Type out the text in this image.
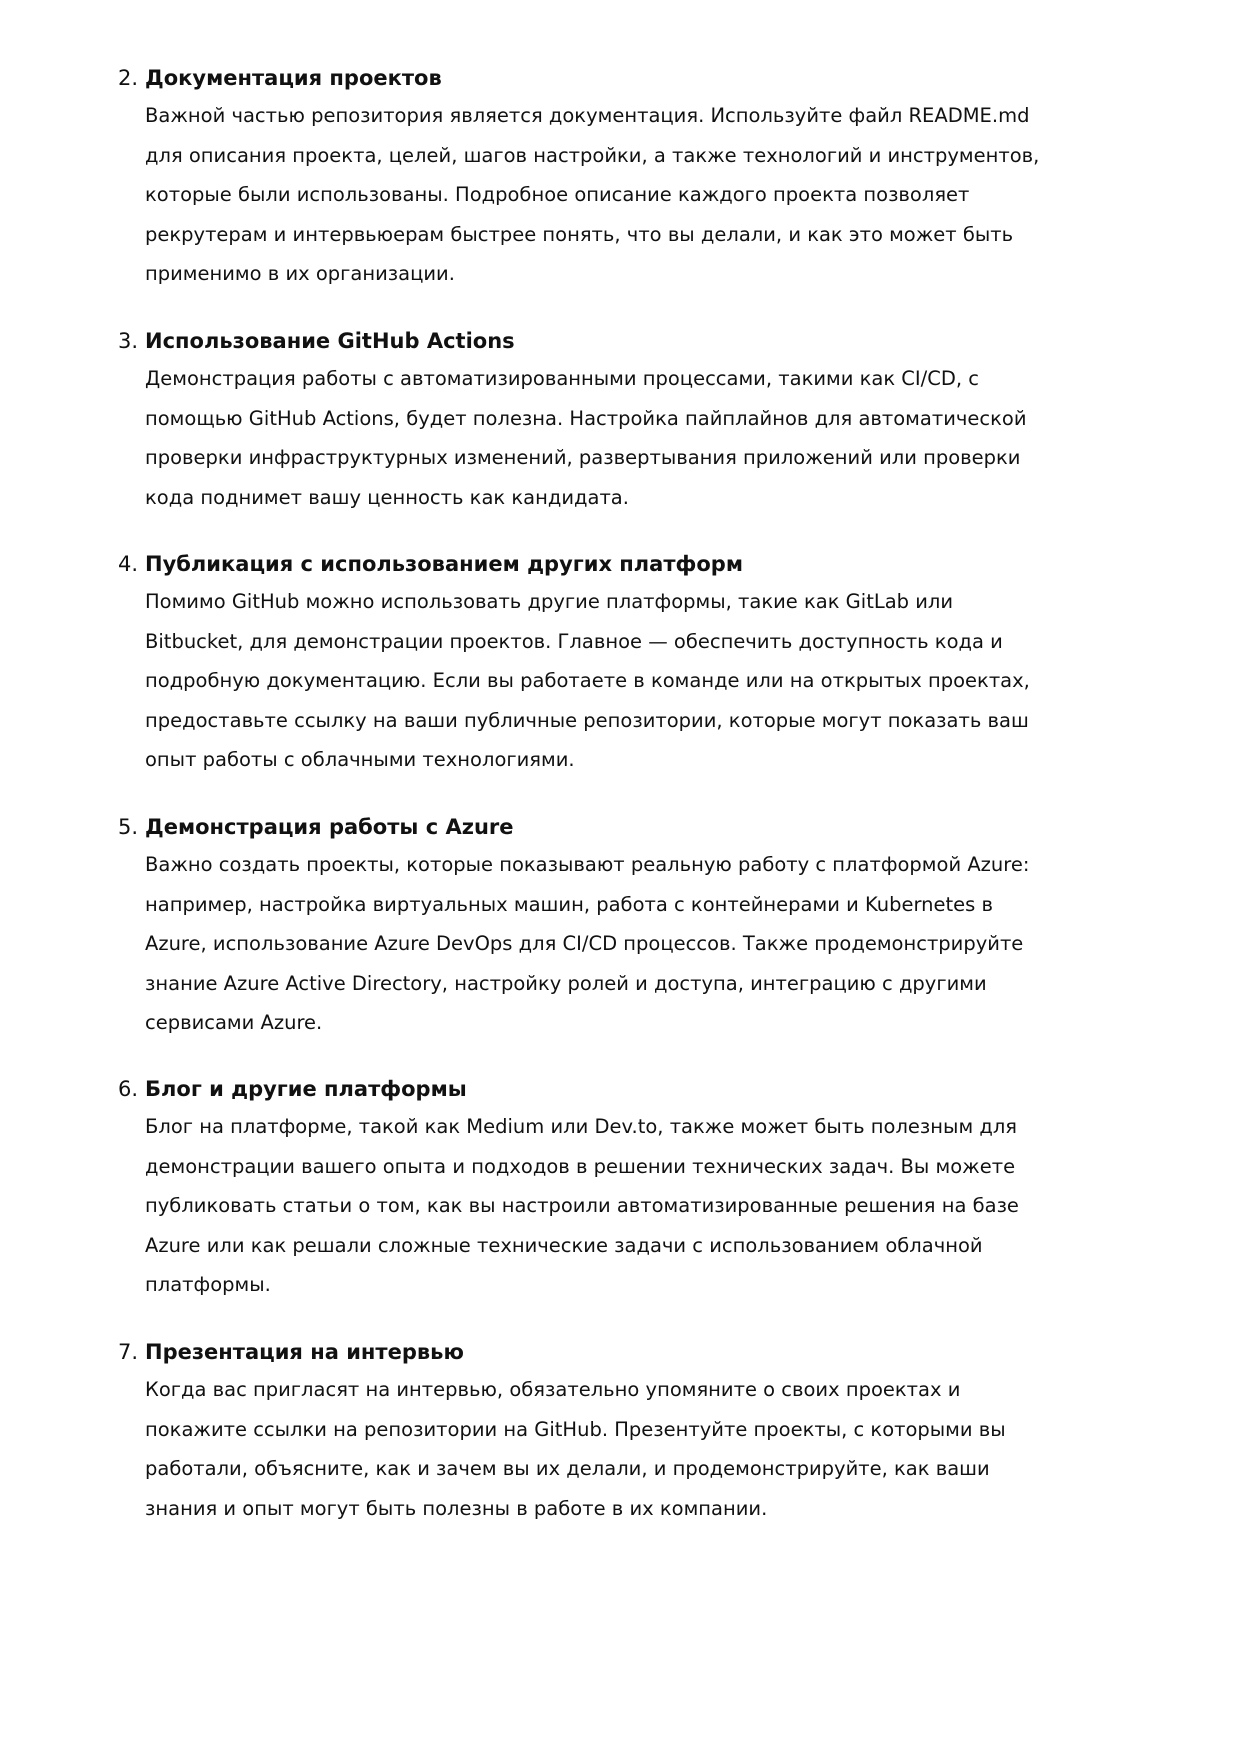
2. Документация проектов
Важной частью репозитория является документация. Используйте файл README.md
для описания проекта, целей, шагов настройки, а также технологий и инструментов,
которые были использованы. Подробное описание каждого проекта позволяет
рекрутерам и интервьюерам быстрее понять, что вы делали, и как это может быть
применимо в их организации.
3. Использование GitHub Actions
Демонстрация работы с автоматизированными процессами, такими как CI/CD, с
помощью GitHub Actions, будет полезна. Настройка пайплайнов для автоматической
проверки инфраструктурных изменений, развертывания приложений или проверки
кода поднимет вашу ценность как кандидата.
4. Публикация с использованием других платформ
Помимо GitHub можно использовать другие платформы, такие как GitLab или
Bitbucket, для демонстрации проектов. Главное — обеспечить доступность кода и
подробную документацию. Если вы работаете в команде или на открытых проектах,
предоставьте ссылку на ваши публичные репозитории, которые могут показать ваш
опыт работы с облачными технологиями.
5. Демонстрация работы с Azure
Важно создать проекты, которые показывают реальную работу с платформой Azure:
например, настройка виртуальных машин, работа с контейнерами и Kubernetes в
Azure, использование Azure DevOps для CI/CD процессов. Также продемонстрируйте
знание Azure Active Directory, настройку ролей и доступа, интеграцию с другими
сервисами Azure.
6. Блог и другие платформы
Блог на платформе, такой как Medium или Dev.to, также может быть полезным для
демонстрации вашего опыта и подходов в решении технических задач. Вы можете
публиковать статьи о том, как вы настроили автоматизированные решения на базе
Azure или как решали сложные технические задачи с использованием облачной
платформы.
7. Презентация на интервью
Когда вас пригласят на интервью, обязательно упомяните о своих проектах и
покажите ссылки на репозитории на GitHub. Презентуйте проекты, с которыми вы
работали, объясните, как и зачем вы их делали, и продемонстрируйте, как ваши
знания и опыт могут быть полезны в работе в их компании.
